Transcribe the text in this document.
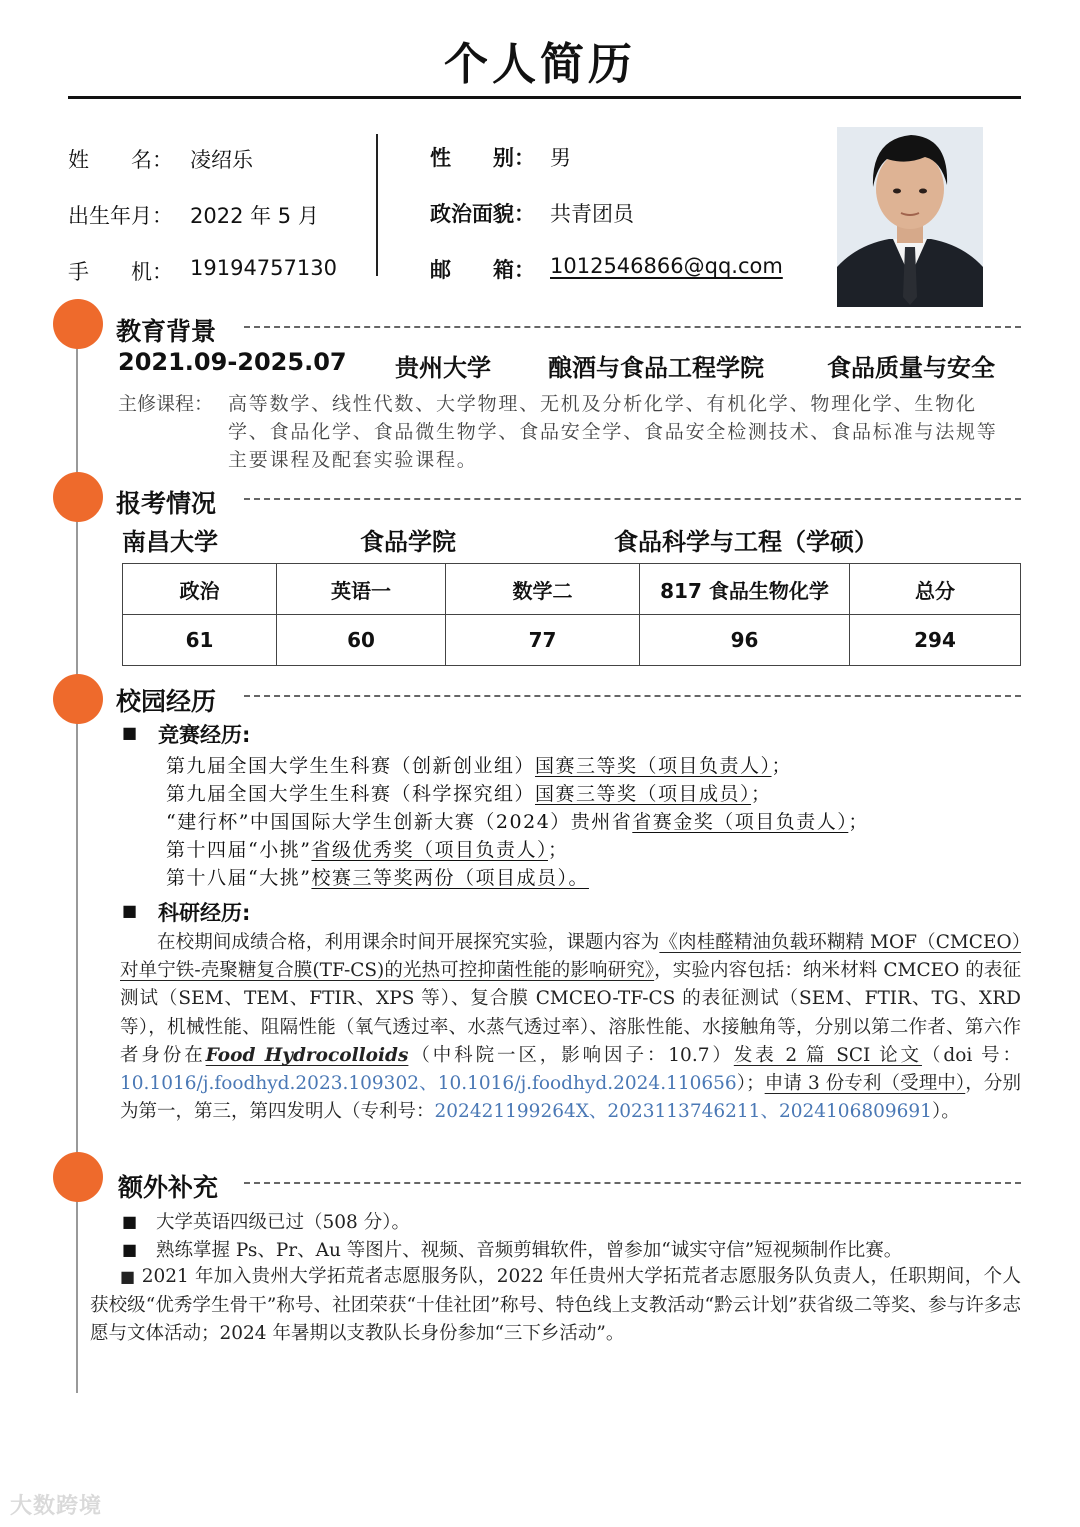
个人简历
姓　　名： 凌绍乐
出生年月： 2022 年 5 月
手　　机： 19194757130
性　　别： 男
政治面貌： 共青团员
邮　　箱： 1012546866@qq.com
教育背景
2021.09-2025.07 贵州大学 酿酒与食品工程学院	食品质量与安全
主修课程： 高等数学、线性代数、大学物理、无机及分析化学、有机化学、物理化学、生物化学、食品化学、食品微生物学、食品安全学、食品安全检测技术、食品标准与法规等主要课程及配套实验课程。
报考情况
南昌大学	食品学院	食品科学与工程（学硕）
政治	英语一	数学二	817 食品生物化学	总分
61	60	77	96	294
校园经历
■ 竞赛经历:
第九届全国大学生生科赛（创新创业组）国赛三等奖（项目负责人）；
第九届全国大学生生科赛（科学探究组）国赛三等奖（项目成员）；
“建行杯”中国国际大学生创新大赛（2024）贵州省省赛金奖（项目负责人）；
第十四届“小挑”省级优秀奖（项目负责人）；
第十八届“大挑”校赛三等奖两份（项目成员）。
■ 科研经历:

在校期间成绩合格，利用课余时间开展探究实验，课题内容为《肉桂醛精油负载环糊精 MOF（CMCEO）对单宁铁-壳聚糖复合膜(TF-CS)的光热可控抑菌性能的影响研究》，实验内容包括：纳米材料 CMCEO 的表征测试（SEM、TEM、FTIR、XPS 等）、复合膜 CMCEO-TF-CS 的表征测试（SEM、FTIR、TG、XRD 等），机械性能、阻隔性能（氧气透过率、水蒸气透过率）、溶胀性能、水接触角等，分别以第二作者、第六作者身份在Food Hydrocolloids（中科院一区，影响因子：10.7）发表 2 篇 SCI 论文（doi 号：10.1016/j.foodhyd.2023.109302、10.1016/j.foodhyd.2024.110656）；申请 3 份专利（受理中），分别为第一，第三，第四发明人（专利号：202421199264X、2023113746211、2024106809691）。

额外补充
■ 大学英语四级已过（508 分）。
■ 熟练掌握 Ps、Pr、Au 等图片、视频、音频剪辑软件，曾参加“诚实守信”短视频制作比赛。

■ 2021 年加入贵州大学拓荒者志愿服务队，2022 年任贵州大学拓荒者志愿服务队负责人，任职期间，个人获校级“优秀学生骨干”称号、社团荣获“十佳社团”称号、特色线上支教活动“黔云计划”获省级二等奖、参与许多志愿与文体活动；2024 年暑期以支教队长身份参加“三下乡活动”。

大数跨境
